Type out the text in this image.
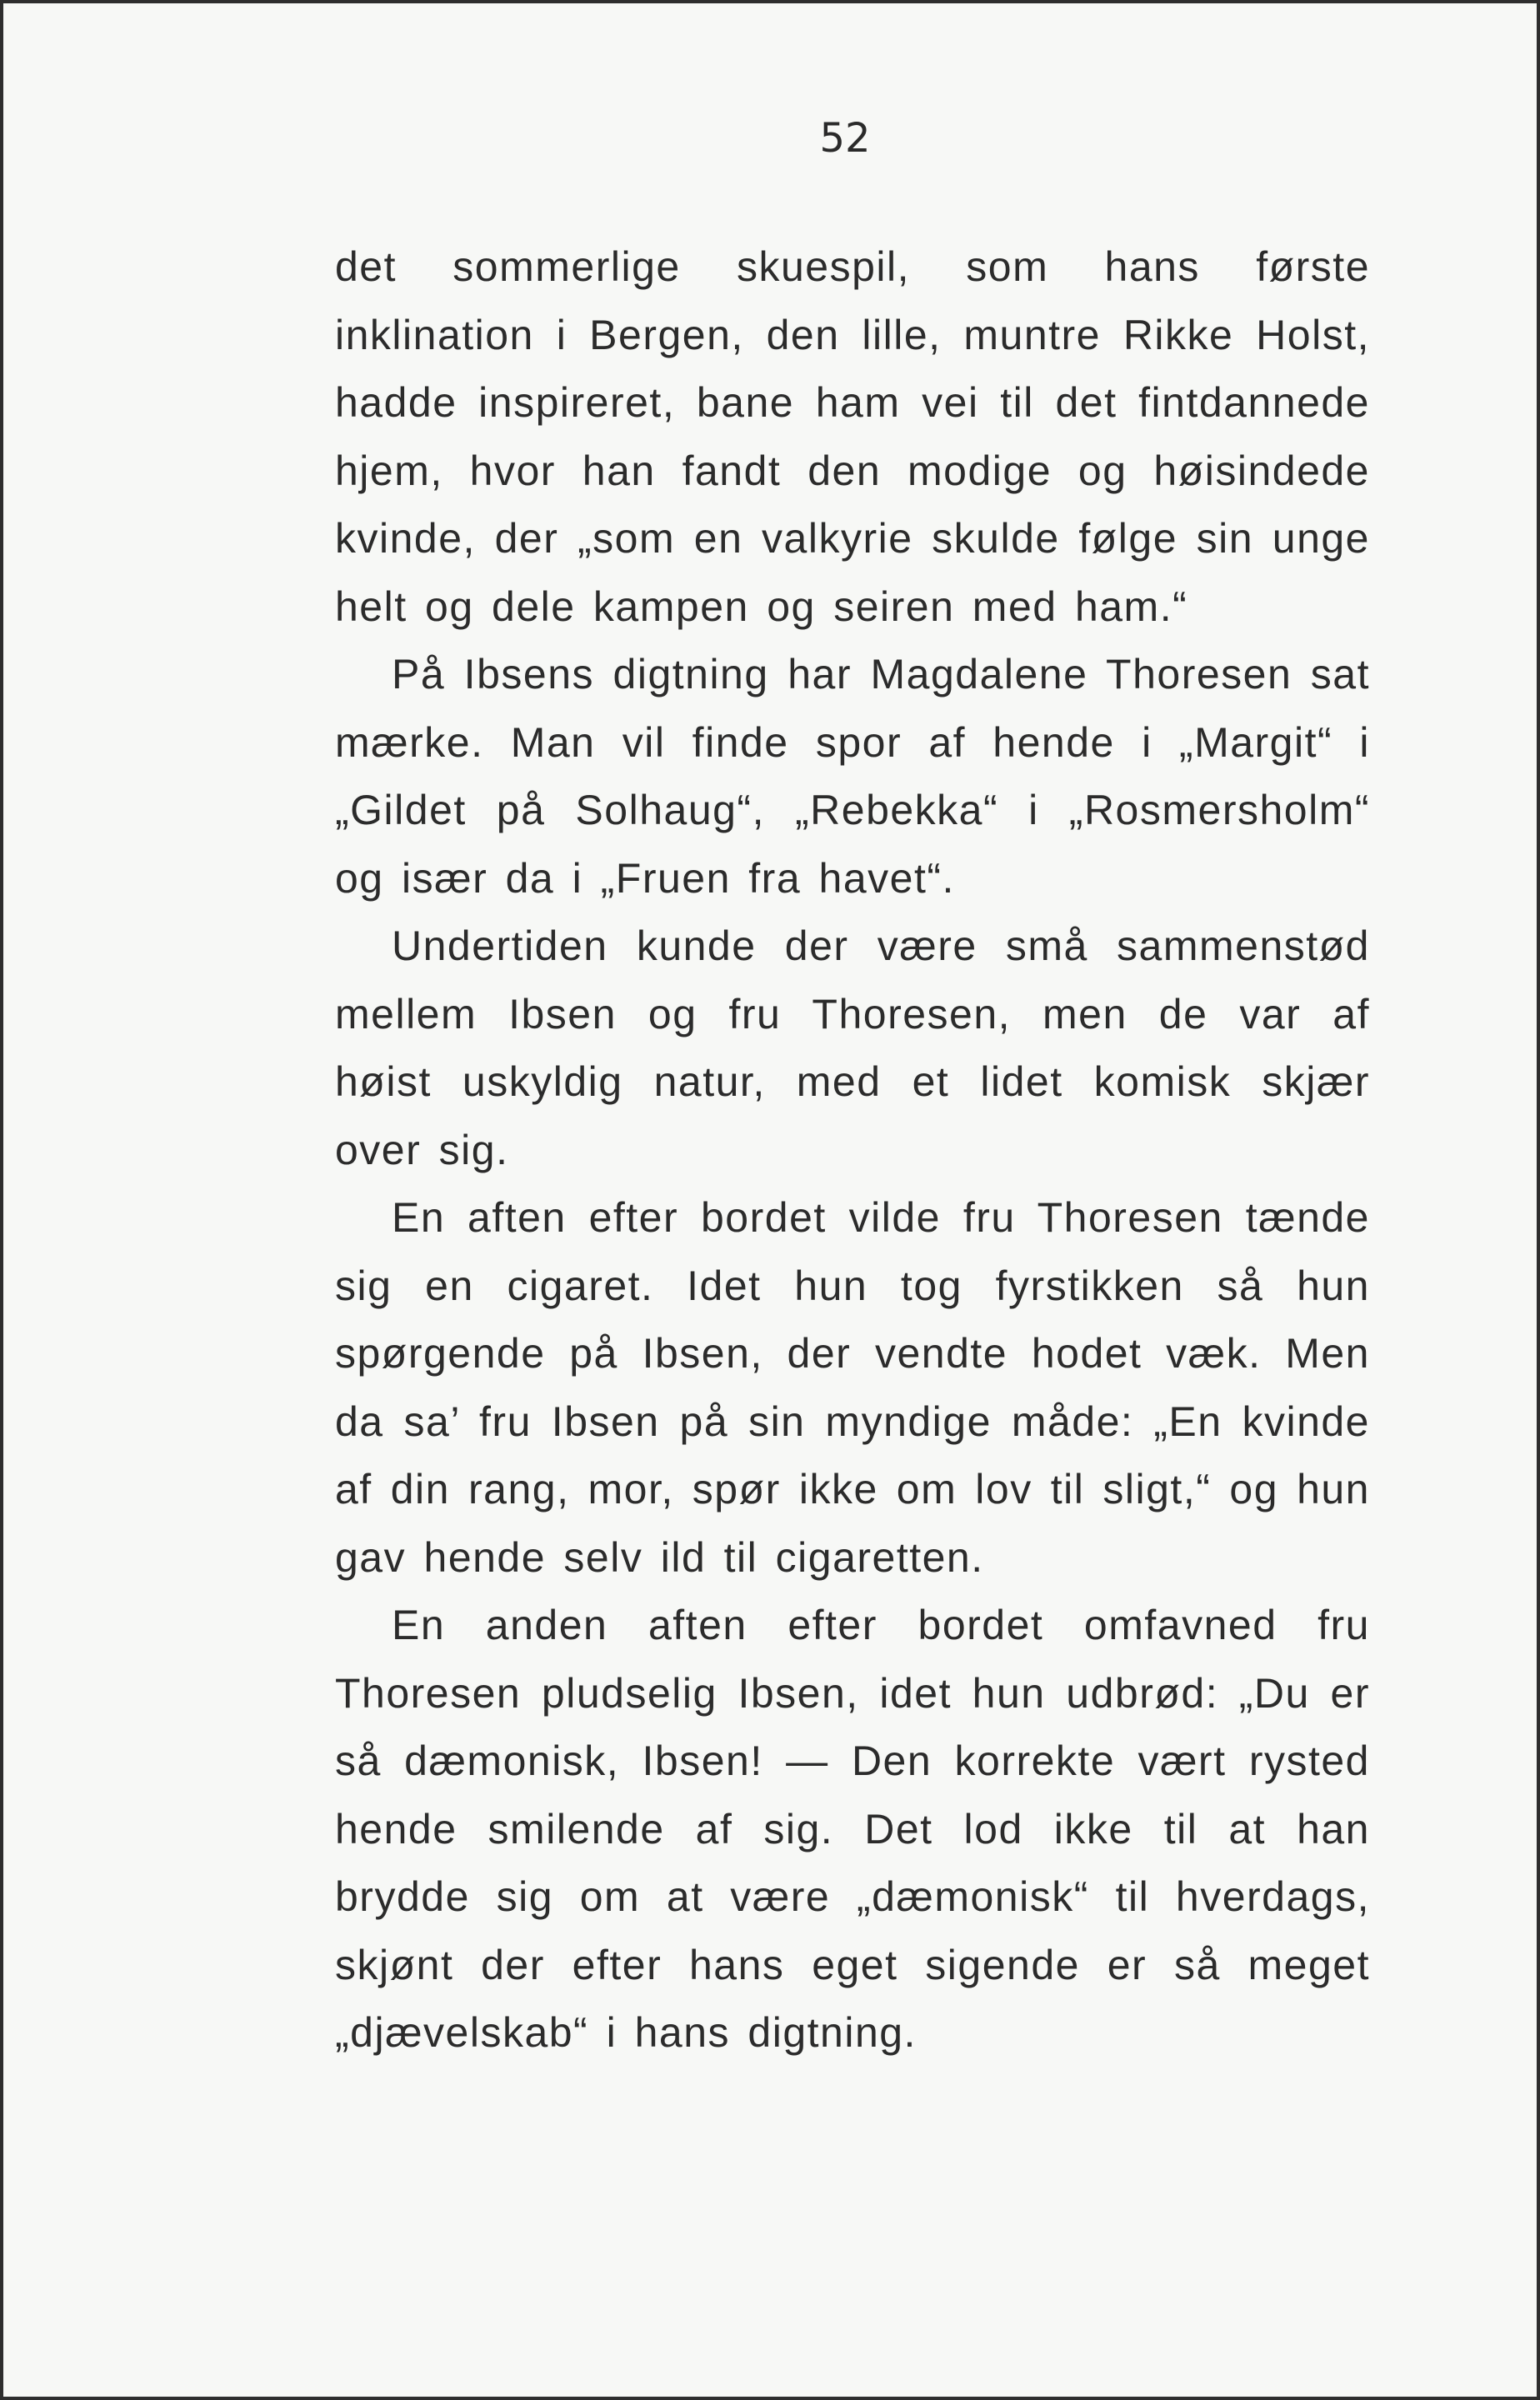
52

det sommerlige skuespil, som hans første inklination i Bergen, den lille, muntre Rikke Holst, hadde inspireret, bane ham vei til det fintdannede hjem, hvor han fandt den modige og høisindede kvinde, der „som en valkyrie skulde følge sin unge helt og dele kampen og seiren med ham.“

På Ibsens digtning har Magdalene Thoresen sat mærke. Man vil finde spor af hende i „Margit“ i „Gildet på Solhaug“, „Rebekka“ i „Rosmersholm“ og især da i „Fruen fra havet“.

Undertiden kunde der være små sammenstød mellem Ibsen og fru Thoresen, men de var af høist uskyldig natur, med et lidet komisk skjær over sig.

En aften efter bordet vilde fru Thoresen tænde sig en cigaret. Idet hun tog fyrstikken så hun spørgende på Ibsen, der vendte hodet væk. Men da sa’ fru Ibsen på sin myndige måde: „En kvinde af din rang, mor, spør ikke om lov til sligt,“ og hun gav hende selv ild til cigaretten.

En anden aften efter bordet omfavned fru Thoresen pludselig Ibsen, idet hun udbrød: „Du er så dæmonisk, Ibsen! — Den korrekte vært rysted hende smilende af sig. Det lod ikke til at han brydde sig om at være „dæmonisk“ til hverdags, skjønt der efter hans eget sigende er så meget „djævelskab“ i hans digtning.
